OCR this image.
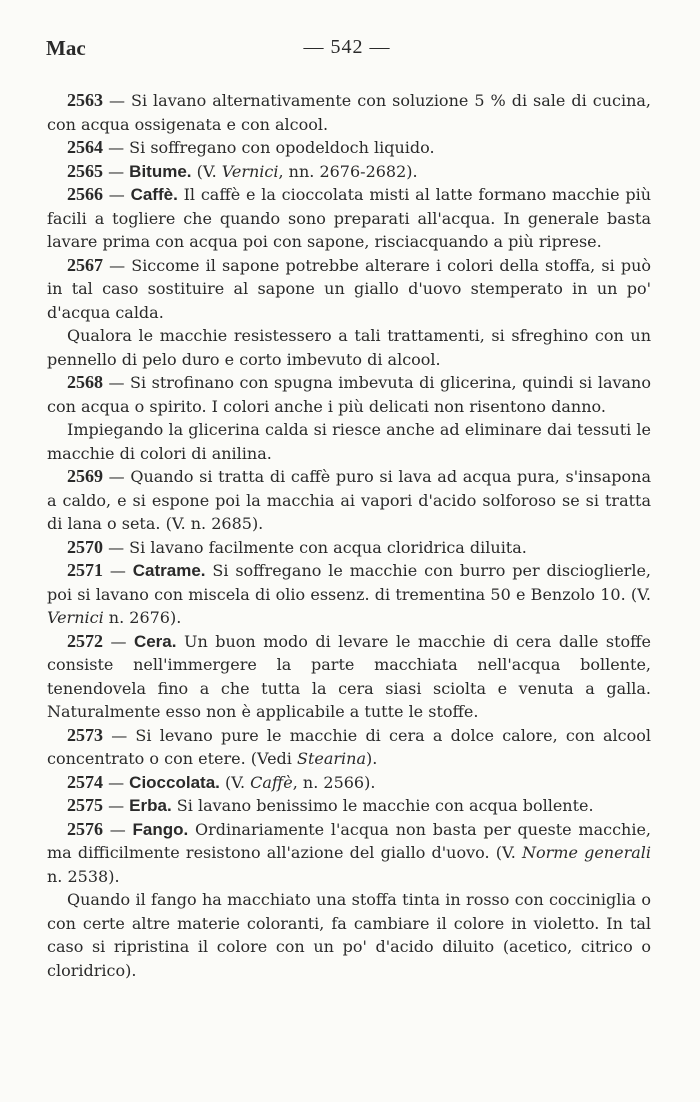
Mac	— 542 —

2563 — Si lavano alternativamente con soluzione 5 % di sale di cucina, con acqua ossigenata e con alcool.

2564 — Si soffregano con opodeldoch liquido.

2565 — Bitume. (V. Vernici, nn. 2676-2682).

2566 — Caffè. Il caffè e la cioccolata misti al latte formano macchie più facili a togliere che quando sono preparati all'acqua. In generale basta lavare prima con acqua poi con sapone, risciacquando a più riprese.

2567 — Siccome il sapone potrebbe alterare i colori della stoffa, si può in tal caso sostituire al sapone un giallo d'uovo stemperato in un po' d'acqua calda.

Qualora le macchie resistessero a tali trattamenti, si sfreghino con un pennello di pelo duro e corto imbevuto di alcool.

2568 — Si strofinano con spugna imbevuta di glicerina, quindi si lavano con acqua o spirito. I colori anche i più delicati non risentono danno.

Impiegando la glicerina calda si riesce anche ad eliminare dai tessuti le macchie di colori di anilina.

2569 — Quando si tratta di caffè puro si lava ad acqua pura, s'insapona a caldo, e si espone poi la macchia ai vapori d'acido solforoso se si tratta di lana o seta. (V. n. 2685).

2570 — Si lavano facilmente con acqua cloridrica diluita.

2571 — Catrame. Si soffregano le macchie con burro per discioglierle, poi si lavano con miscela di olio essenz. di trementina 50 e Benzolo 10. (V. Vernici n. 2676).

2572 — Cera. Un buon modo di levare le macchie di cera dalle stoffe consiste nell'immergere la parte macchiata nell'acqua bollente, tenendovela fino a che tutta la cera siasi sciolta e venuta a galla. Naturalmente esso non è applicabile a tutte le stoffe.

2573 — Si levano pure le macchie di cera a dolce calore, con alcool concentrato o con etere. (Vedi Stearina).

2574 — Cioccolata. (V. Caffè, n. 2566).

2575 — Erba. Si lavano benissimo le macchie con acqua bollente.

2576 — Fango. Ordinariamente l'acqua non basta per queste macchie, ma difficilmente resistono all'azione del giallo d'uovo. (V. Norme generali n. 2538).

Quando il fango ha macchiato una stoffa tinta in rosso con cocciniglia o con certe altre materie coloranti, fa cambiare il colore in violetto. In tal caso si ripristina il colore con un po' d'acido diluito (acetico, citrico o cloridrico).
